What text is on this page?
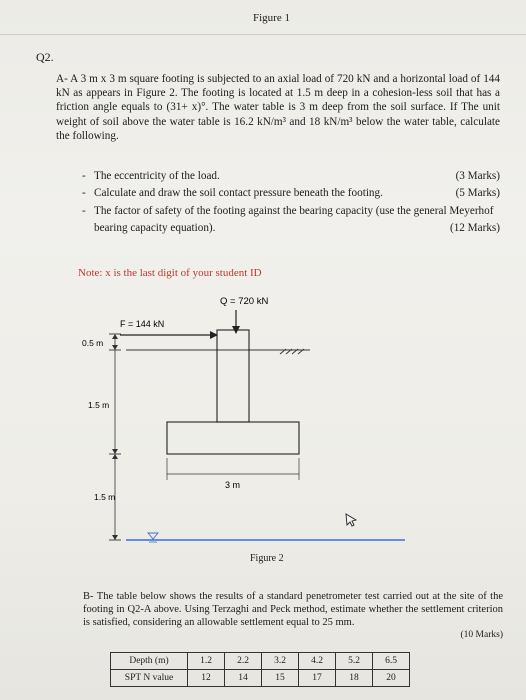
Figure 1
Q2.
A- A 3 m x 3 m square footing is subjected to an axial load of 720 kN and a horizontal load of 144 kN as appears in Figure 2. The footing is located at 1.5 m deep in a cohesion-less soil that has a friction angle equals to (31+ x)°. The water table is 3 m deep from the soil surface. If The unit weight of soil above the water table is 16.2 kN/m³ and 18 kN/m³ below the water table, calculate the following.
- The eccentricity of the load.	(3 Marks)
- Calculate and draw the soil contact pressure beneath the footing.	(5 Marks)
- The factor of safety of the footing against the bearing capacity (use the general Meyerhof bearing capacity equation).	(12 Marks)
Note: x is the last digit of your student ID
Q = 720 kN
F = 144 kN
0.5 m
1.5 m
1.5 m
3 m
Figure 2
B- The table below shows the results of a standard penetrometer test carried out at the site of the footing in Q2-A above. Using Terzaghi and Peck method, estimate whether the settlement criterion is satisfied, considering an allowable settlement equal to 25 mm.
(10 Marks)
Depth (m)	1.2	2.2	3.2	4.2	5.2	6.5
SPT N value	12	14	15	17	18	20
